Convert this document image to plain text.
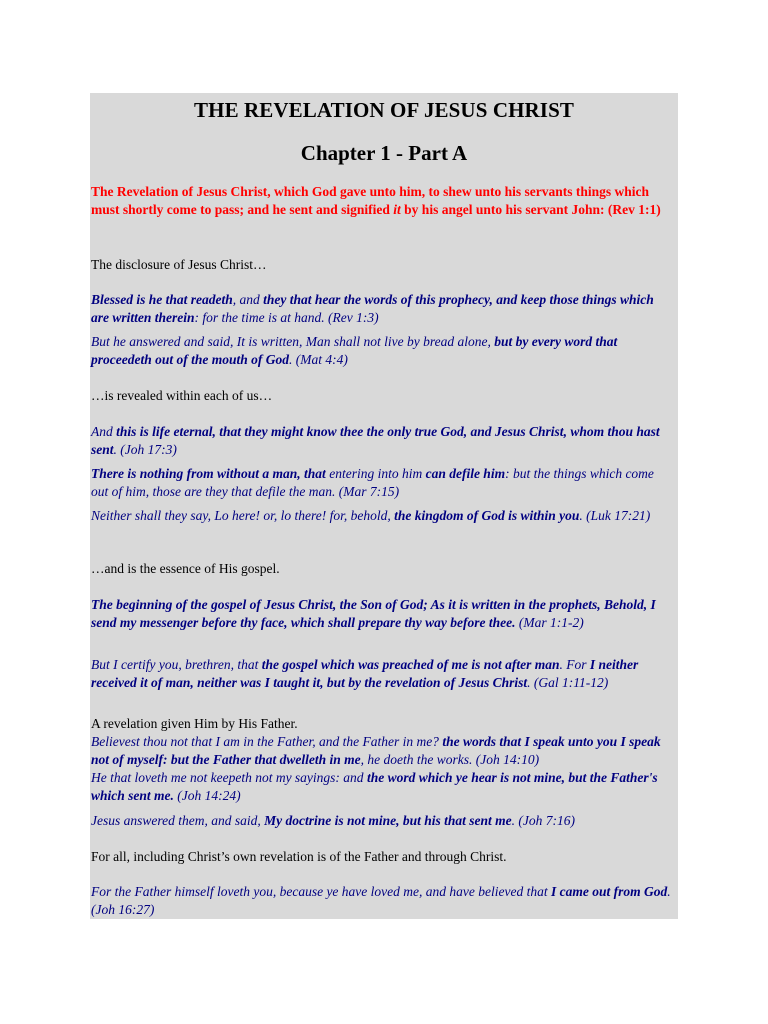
THE REVELATION OF JESUS CHRIST
Chapter 1 - Part A

The Revelation of Jesus Christ, which God gave unto him, to shew unto his servants things which must shortly come to pass; and he sent and signified it by his angel unto his servant John: (Rev 1:1)

The disclosure of Jesus Christ…

Blessed is he that readeth, and they that hear the words of this prophecy, and keep those things which are written therein: for the time is at hand. (Rev 1:3)

But he answered and said, It is written, Man shall not live by bread alone, but by every word that proceedeth out of the mouth of God. (Mat 4:4)

…is revealed within each of us…

And this is life eternal, that they might know thee the only true God, and Jesus Christ, whom thou hast sent. (Joh 17:3)

There is nothing from without a man, that entering into him can defile him: but the things which come out of him, those are they that defile the man. (Mar 7:15)

Neither shall they say, Lo here! or, lo there! for, behold, the kingdom of God is within you. (Luk 17:21)

…and is the essence of His gospel.

The beginning of the gospel of Jesus Christ, the Son of God; As it is written in the prophets, Behold, I send my messenger before thy face, which shall prepare thy way before thee. (Mar 1:1-2)

But I certify you, brethren, that the gospel which was preached of me is not after man. For I neither received it of man, neither was I taught it, but by the revelation of Jesus Christ. (Gal 1:11-12)

A revelation given Him by His Father.

Believest thou not that I am in the Father, and the Father in me? the words that I speak unto you I speak not of myself: but the Father that dwelleth in me, he doeth the works. (Joh 14:10)

He that loveth me not keepeth not my sayings: and the word which ye hear is not mine, but the Father's which sent me. (Joh 14:24)

Jesus answered them, and said, My doctrine is not mine, but his that sent me. (Joh 7:16)

For all, including Christ’s own revelation is of the Father and through Christ.

For the Father himself loveth you, because ye have loved me, and have believed that I came out from God. (Joh 16:27)
